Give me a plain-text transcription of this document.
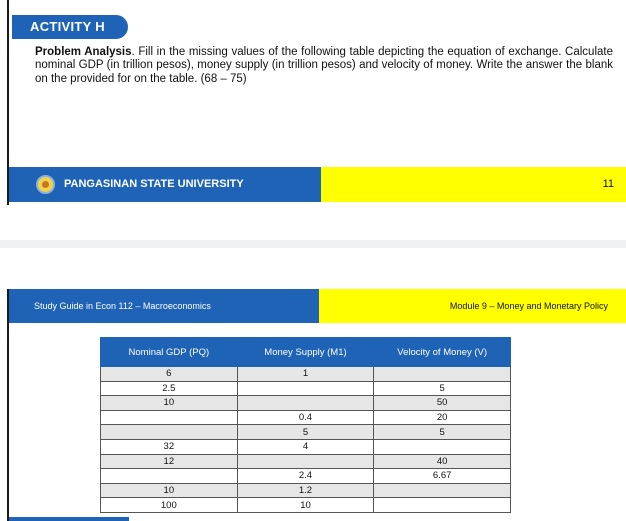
ACTIVITY H
Problem Analysis. Fill in the missing values of the following table depicting the equation of exchange. Calculate nominal GDP (in trillion pesos), money supply (in trillion pesos) and velocity of money. Write the answer the blank on the provided for on the table. (68 – 75)
PANGASINAN STATE UNIVERSITY	11
Study Guide in Econ 112 – Macroeconomics	Module 9 – Money and Monetary Policy
Nominal GDP (PQ)	Money Supply (M1)	Velocity of Money (V)
6	1	
2.5		5
10		50
	0.4	20
	5	5
32	4	
12		40
	2.4	6.67
10	1.2	
100	10	
